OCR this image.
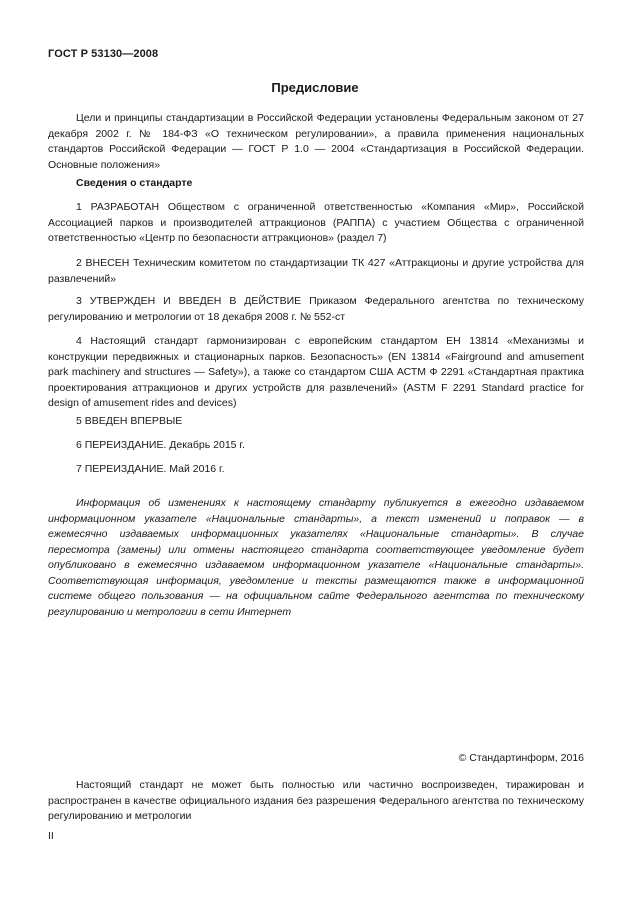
ГОСТ Р 53130—2008
Предисловие

Цели и принципы стандартизации в Российской Федерации установлены Федеральным законом от 27 декабря 2002 г. № 184-ФЗ «О техническом регулировании», а правила применения национальных стандартов Российской Федерации — ГОСТ Р 1.0 — 2004 «Стандартизация в Российской Федерации. Основные положения»

Сведения о стандарте

1 РАЗРАБОТАН Обществом с ограниченной ответственностью «Компания «Мир», Российской Ассоциацией парков и производителей аттракционов (РАППА) с участием Общества с ограниченной ответственностью «Центр по безопасности аттракционов» (раздел 7)

2 ВНЕСЕН Техническим комитетом по стандартизации ТК 427 «Аттракционы и другие устройства для развлечений»

3 УТВЕРЖДЕН И ВВЕДЕН В ДЕЙСТВИЕ Приказом Федерального агентства по техническому регулированию и метрологии от 18 декабря 2008 г. № 552-ст

4 Настоящий стандарт гармонизирован с европейским стандартом ЕН 13814 «Механизмы и конструкции передвижных и стационарных парков. Безопасность» (EN 13814 «Fairground and amusement park machinery and structures — Safety»), а также со стандартом США АСТМ Ф 2291 «Стандартная практика проектирования аттракционов и других устройств для развлечений» (ASTM F 2291 Standard practice for design of amusement rides and devices)

5 ВВЕДЕН ВПЕРВЫЕ

6 ПЕРЕИЗДАНИЕ. Декабрь 2015 г.

7 ПЕРЕИЗДАНИЕ. Май 2016 г.

Информация об изменениях к настоящему стандарту публикуется в ежегодно издаваемом информационном указателе «Национальные стандарты», а текст изменений и поправок — в ежемесячно издаваемых информационных указателях «Национальные стандарты». В случае пересмотра (замены) или отмены настоящего стандарта соответствующее уведомление будет опубликовано в ежемесячно издаваемом информационном указателе «Национальные стандарты». Соответствующая информация, уведомление и тексты размещаются также в информационной системе общего пользования — на официальном сайте Федерального агентства по техническому регулированию и метрологии в сети Интернет

© Стандартинформ, 2016

Настоящий стандарт не может быть полностью или частично воспроизведен, тиражирован и распространен в качестве официального издания без разрешения Федерального агентства по техническому регулированию и метрологии

II
